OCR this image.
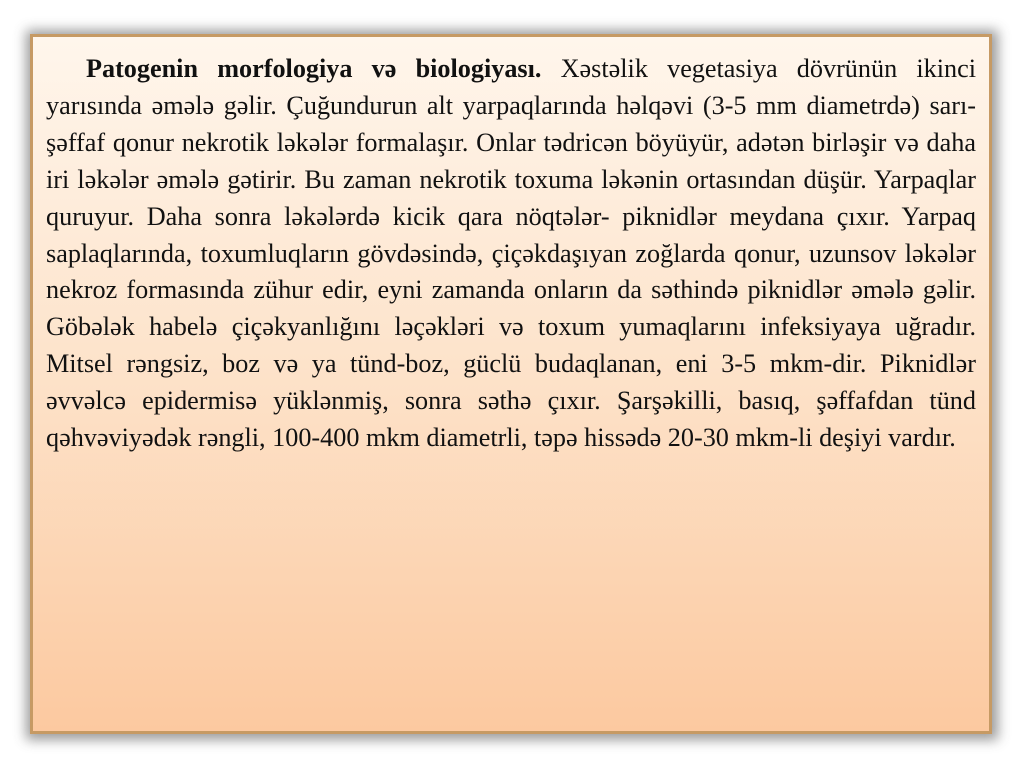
Patogenin morfologiya və biologiyası. Xəstəlik vegetasiya dövrünün ikinci yarısında əmələ gəlir. Çuğundurun alt yarpaqlarında həlqəvi (3-5 mm diametrdə) sarı-şəffaf qonur nekrotik ləkələr formalaşır. Onlar tədricən böyüyür, adətən birləşir və daha iri ləkələr əmələ gətirir. Bu zaman nekrotik toxuma ləkənin ortasından düşür. Yarpaqlar quruyur. Daha sonra ləkələrdə kicik qara nöqtələr- piknidlər meydana çıxır. Yarpaq saplaqlarında, toxumluqların gövdəsində, çiçəkdaşıyan zoğlarda qonur, uzunsov ləkələr nekroz formasında zühur edir, eyni zamanda onların da səthində piknidlər əmələ gəlir. Göbələk habelə çiçəkyanlığını ləçəkləri və toxum yumaqlarını infeksiyaya uğradır. Mitsel rəngsiz, boz və ya tünd-boz, güclü budaqlanan, eni 3-5 mkm-dir. Piknidlər əvvəlcə epidermisə yüklənmiş, sonra səthə çıxır. Şarşəkilli, basıq, şəffafdan tünd qəhvəviyədək rəngli, 100-400 mkm diametrli, təpə hissədə 20-30 mkm-li deşiyi vardır.
